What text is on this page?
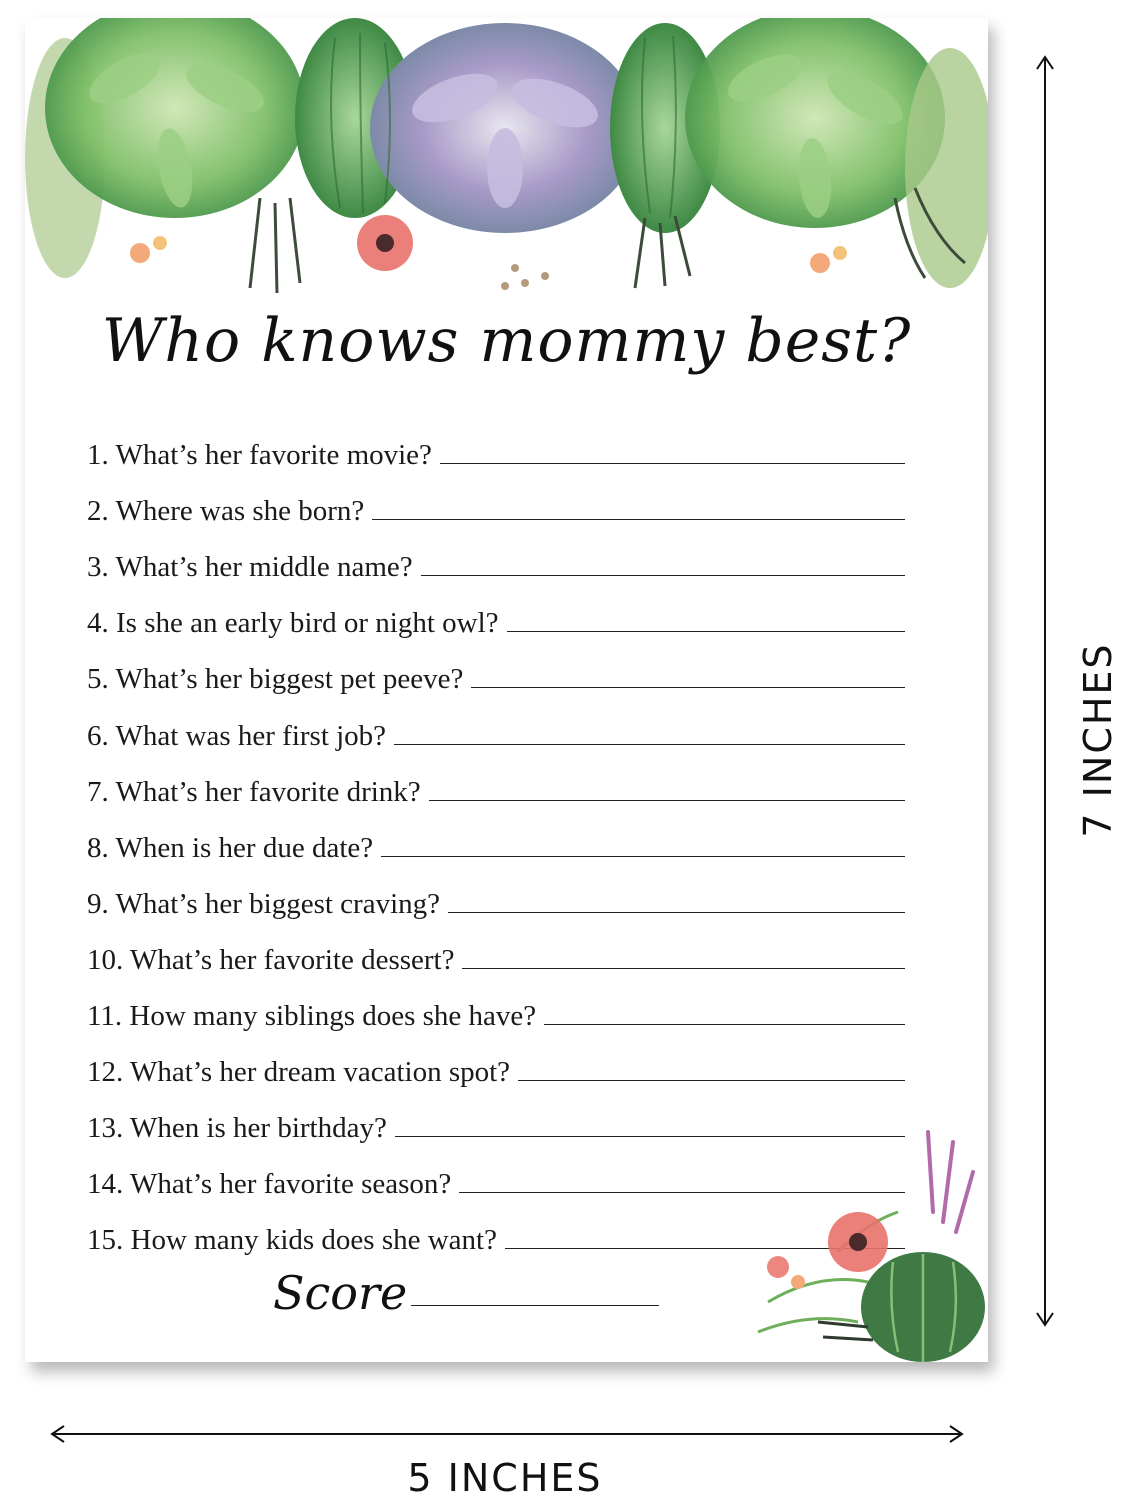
Who knows mommy best?
1. What’s her favorite movie?
2. Where was she born?
3. What’s her middle name?
4. Is she an early bird or night owl?
5. What’s her biggest pet peeve?
6. What was her first job?
7. What’s her favorite drink?
8. When is her due date?
9. What’s her biggest craving?
10. What’s her favorite dessert?
11. How many siblings does she have?
12. What’s her dream vacation spot?
13. When is her birthday?
14. What’s her favorite season?
15. How many kids does she want?
Score
7 INCHES
5 INCHES
